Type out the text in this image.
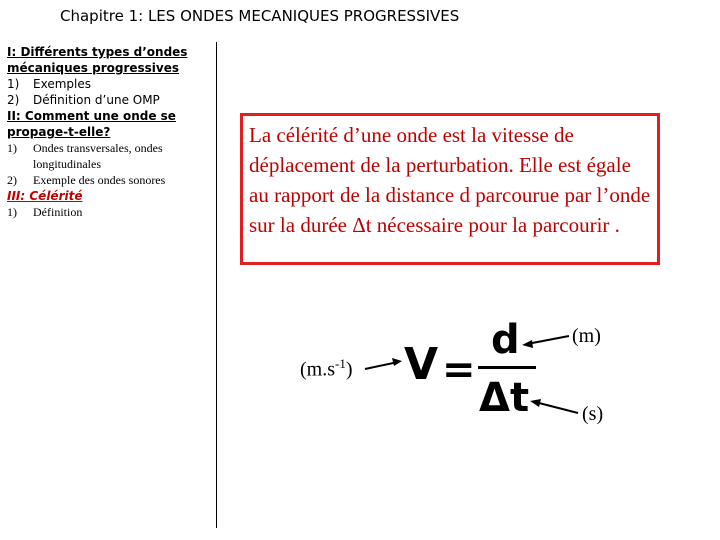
Chapitre 1: LES ONDES MECANIQUES PROGRESSIVES
I: Différents types d’ondes mécaniques progressives
1) Exemples
2) Définition d’une OMP
II: Comment une onde se propage-t-elle?
1) Ondes transversales, ondes
longitudinales
2) Exemple des ondes sonores
III: Célérité
1) Définition
La célérité d’une onde est la vitesse de déplacement de la perturbation. Elle est égale au rapport de la distance d parcourue par l’onde sur la durée Δt nécessaire pour la parcourir .
$(m.s^{-1}) V$ =
d
Δt
(m)
(s)
